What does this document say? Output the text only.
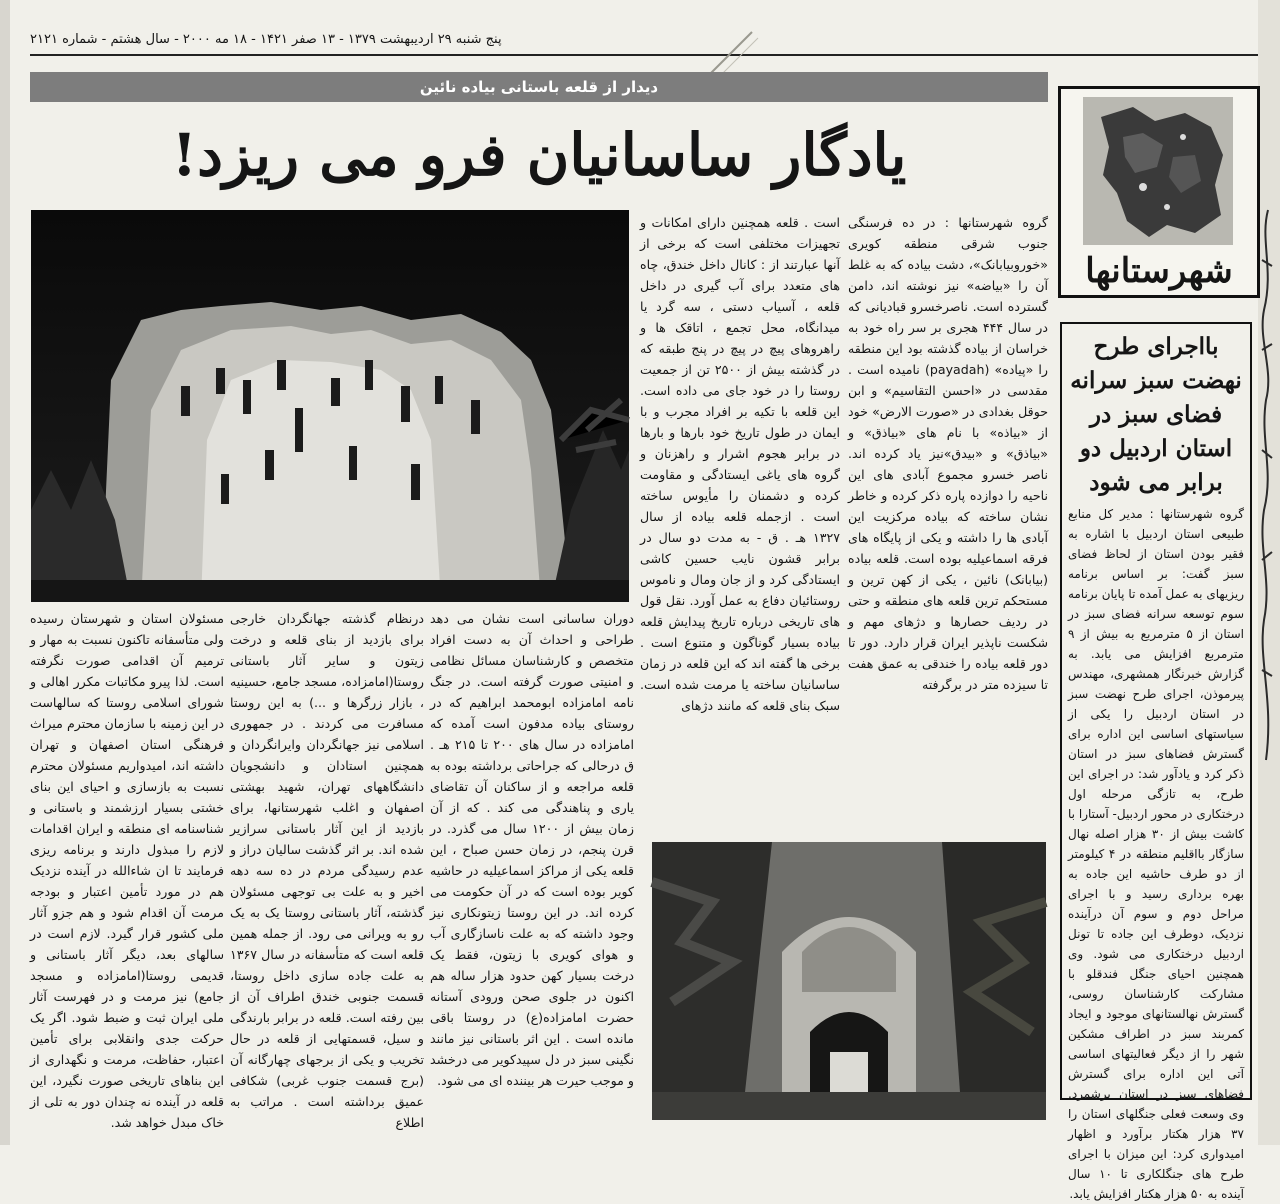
پنج شنبه ۲۹ اردیبهشت ۱۳۷۹ - ۱۳ صفر ۱۴۲۱ - ۱۸ مه ۲۰۰۰ - سال هشتم - شماره ۲۱۲۱
دیدار از قلعه باستانی بیاده نائین
یادگار ساسانیان فرو می ریزد!
شهرستانها

گروه شهرستانها : در ده فرسنگی جنوب شرقی منطقه کویری «خوروبیابانک»، دشت بیاده که به غلط آن را «بیاضه» نیز نوشته اند، دامن گسترده است. ناصرخسرو قبادیانی که در سال ۴۴۴ هجری بر سر راه خود به خراسان از بیاده گذشته بود این منطقه را «پیاده» (payadah) نامیده است . مقدسی در «احسن التقاسیم» و ابن حوقل بغدادی در «صورت الارض» خود از «بیاذه» با نام های «بیاذق» و «بیاذق» و «بیدق»نیز یاد کرده اند. ناصر خسرو مجموع آبادی های این ناحیه را دوازده پاره ذکر کرده و خاطر نشان ساخته که بیاده مرکزیت این آبادی ها را داشته و یکی از پایگاه های فرقه اسماعیلیه بوده است. قلعه بیاده (بیابانک) نائین ، یکی از کهن ترین و مستحکم ترین قلعه های منطقه و حتی در ردیف حصارها و دژهای مهم و شکست ناپذیر ایران قرار دارد. دور تا دور قلعه بیاده را خندقی به عمق هفت تا سیزده متر در برگرفته

است . قلعه همچنین دارای امکانات و تجهیزات مختلفی است که برخی از آنها عبارتند از : کانال داخل خندق، چاه های متعدد برای آب گیری در داخل قلعه ، آسیاب دستی ، سه گرد یا میدانگاه، محل تجمع ، اتاقک ها و راهروهای پیچ در پیچ در پنج طبقه که در گذشته بیش از ۲۵۰۰ تن از جمعیت روستا را در خود جای می داده است. این قلعه با تکیه بر افراد مجرب و با ایمان در طول تاریخ خود بارها و بارها در برابر هجوم اشرار و راهزنان و گروه های یاغی ایستادگی و مقاومت کرده و دشمنان را مأیوس ساخته است . ازجمله قلعه بیاده از سال ۱۳۲۷ هـ . ق - به مدت دو سال در برابر قشون نایب حسین کاشی ایستادگی کرد و از جان ومال و ناموس روستائیان دفاع به عمل آورد. نقل قول های تاریخی درباره تاریخ پیدایش قلعه بیاده بسیار گوناگون و متنوع است . برخی ها گفته اند که این قلعه در زمان ساسانیان ساخته یا مرمت شده است. سبک بنای قلعه که مانند دژهای

دوران ساسانی است نشان می دهد طراحی و احداث آن به دست افراد متخصص و کارشناسان مسائل نظامی و امنیتی صورت گرفته است. در جنگ نامه امامزاده ابومحمد ابراهیم که در روستای بیاده مدفون است آمده که امامزاده در سال های ۲۰۰ تا ۲۱۵ هـ . ق درحالی که جراحاتی برداشته بوده به قلعه مراجعه و از ساکنان آن تقاضای یاری و پناهندگی می کند . که از آن زمان بیش از ۱۲۰۰ سال می گذرد. در قرن پنجم، در زمان حسن صباح ، این قلعه یکی از مراکز اسماعیلیه در حاشیه کویر بوده است که در آن حکومت می کرده اند. در این روستا زیتونکاری نیز وجود داشته که به علت ناسازگاری آب و هوای کویری با زیتون، فقط یک درخت بسیار کهن حدود هزار ساله هم اکنون در جلوی صحن ورودی آستانه حضرت امامزاده(ع) در روستا باقی مانده است . این اثر باستانی نیز مانند نگینی سبز در دل سپیدکویر می درخشد و موجب حیرت هر بیننده ای می شود.

درنظام گذشته جهانگردان خارجی برای بازدید از بنای قلعه و درخت زیتون و سایر آثار باستانی روستا(امامزاده، مسجد جامع، حسینیه ، بازار زرگرها و ...) به این روستا مسافرت می کردند . در جمهوری اسلامی نیز جهانگردان وایرانگردان و همچنین استادان و دانشجویان دانشگاههای تهران، شهید بهشتی اصفهان و اغلب شهرستانها، برای بازدید از این آثار باستانی سرازیر شده اند. بر اثر گذشت سالیان دراز و عدم رسیدگی مردم در ده سه دهه اخیر و به علت بی توجهی مسئولان گذشته، آثار باستانی روستا یک به یک رو به ویرانی می رود. از جمله همین قلعه است که متأسفانه در سال ۱۳۶۷ به علت جاده سازی داخل روستا، قسمت جنوبی خندق اطراف آن از بین رفته است. قلعه در برابر بارندگی و سیل، قسمتهایی از قلعه در حال تخریب و یکی از برجهای چهارگانه آن (برج قسمت جنوب غربی) شکافی عمیق برداشته است . مراتب به اطلاع

مسئولان استان و شهرستان رسیده ولی متأسفانه تاکنون نسبت به مهار و ترمیم آن اقدامی صورت نگرفته است. لذا پیرو مکاتبات مکرر اهالی و شورای اسلامی روستا که سالهاست در این زمینه با سازمان محترم میراث فرهنگی استان اصفهان و تهران داشته اند، امیدواریم مسئولان محترم نسبت به بازسازی و احیای این بنای خشتی بسیار ارزشمند و باستانی و شناسنامه ای منطقه و ایران اقدامات لازم را مبذول دارند و برنامه ریزی فرمایند تا ان شاءالله در آینده نزدیک هم در مورد تأمین اعتبار و بودجه مرمت آن اقدام شود و هم جزو آثار ملی کشور قرار گیرد. لازم است در سالهای بعد، دیگر آثار باستانی و قدیمی روستا(امامزاده و مسجد جامع) نیز مرمت و در فهرست آثار ملی ایران ثبت و ضبط شود. اگر یک حرکت جدی وانقلابی برای تأمین اعتبار، حفاظت، مرمت و نگهداری از این بناهای تاریخی صورت نگیرد، این قلعه در آینده نه چندان دور به تلی از خاک مبدل خواهد شد.

بااجرای طرح نهضت سبز سرانه فضای سبز در استان اردبیل دو برابر می شود

گروه شهرستانها : مدیر کل منابع طبیعی استان اردبیل با اشاره به فقیر بودن استان از لحاظ فضای سبز گفت: بر اساس برنامه ریزیهای به عمل آمده تا پایان برنامه سوم توسعه سرانه فضای سبز در استان از ۵ مترمربع به بیش از ۹ مترمربع افزایش می یابد. به گزارش خبرنگار همشهری، مهندس پیرموذن، اجرای طرح نهضت سبز در استان اردبیل را یکی از سیاستهای اساسی این اداره برای گسترش فضاهای سبز در استان ذکر کرد و یادآور شد: در اجرای این طرح، به تازگی مرحله اول درختکاری در محور اردبیل- آستارا با کاشت بیش از ۳۰ هزار اصله نهال سازگار بااقلیم منطقه در ۴ کیلومتر از دو طرف حاشیه این جاده به بهره برداری رسید و با اجرای مراحل دوم و سوم آن درآینده نزدیک، دوطرف این جاده تا تونل اردبیل درختکاری می شود. وی همچنین احیای جنگل فندقلو با مشارکت کارشناسان روسی، گسترش نهالستانهای موجود و ایجاد کمربند سبز در اطراف مشکین شهر را از دیگر فعالیتهای اساسی آتی این اداره برای گسترش فضاهای سبز در استان برشمرد. وی وسعت فعلی جنگلهای استان را ۳۷ هزار هکتار برآورد و اظهار امیدواری کرد: این میزان با اجرای طرح های جنگلکاری تا ۱۰ سال آینده به ۵۰ هزار هکتار افزایش یابد.
